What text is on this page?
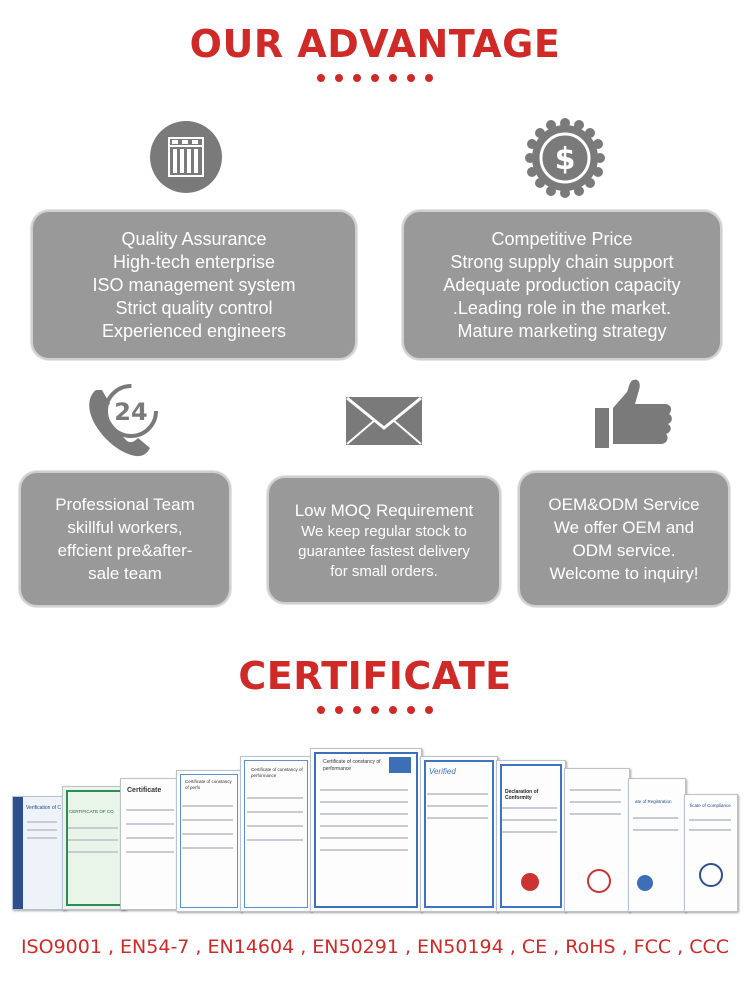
OUR ADVANTAGE
$
Quality Assurance
High-tech enterprise
ISO management system
Strict quality control
Experienced engineers
Competitive Price
Strong supply chain support
Adequate production capacity
.Leading role in the market.
Mature marketing strategy
24
Professional Team
skillful workers,
effcient pre&after-
sale team
Low MOQ Requirement
We keep regular stock to
guarantee fastest delivery
for small orders.
OEM&ODM Service
We offer OEM and
ODM service.
Welcome to inquiry!
CERTIFICATE
Verification of C
CERTIFICATE OF CO
Certificate
Certificate of constancy of perfo
Certificate of constancy of performance
Certificate of constancy of performance	Verified
Declaration of Conformity
ate of Registration
ficate of Compliance
ISO9001 , EN54-7 , EN14604 , EN50291 , EN50194 , CE , RoHS , FCC , CCC
